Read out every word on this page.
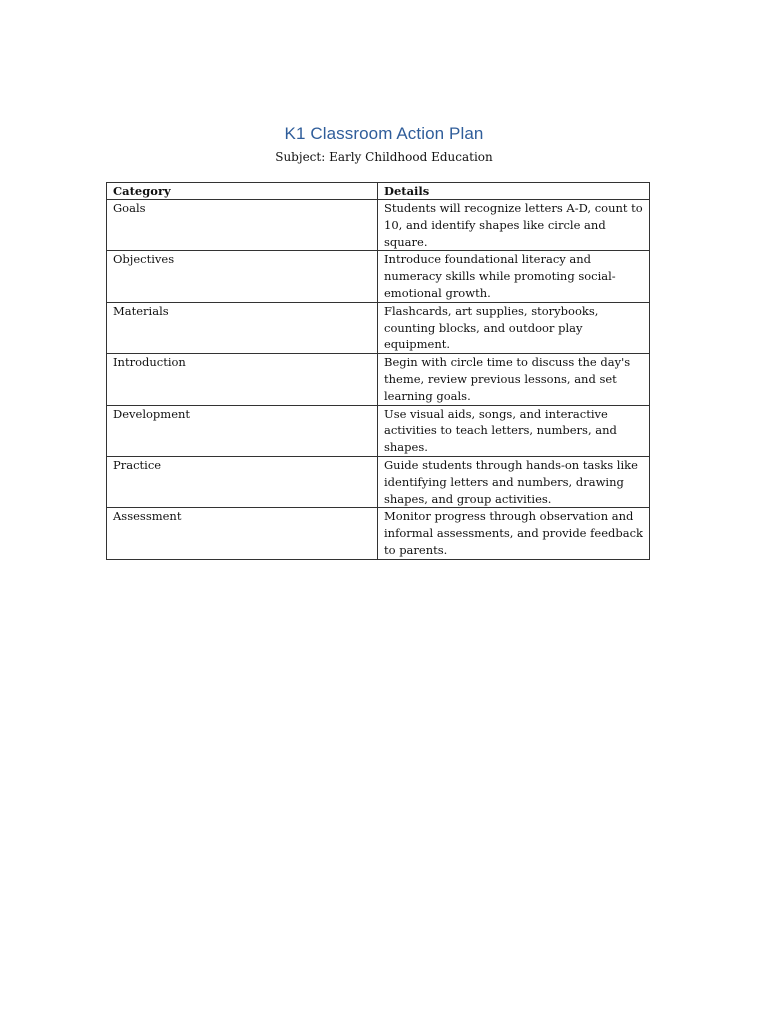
K1 Classroom Action Plan
Subject: Early Childhood Education
Category	Details
Goals	Students will recognize letters A-D, count to 10, and identify shapes like circle and square.
Objectives	Introduce foundational literacy and numeracy skills while promoting social-emotional growth.
Materials	Flashcards, art supplies, storybooks, counting blocks, and outdoor play equipment.
Introduction	Begin with circle time to discuss the day's theme, review previous lessons, and set learning goals.
Development	Use visual aids, songs, and interactive activities to teach letters, numbers, and shapes.
Practice	Guide students through hands-on tasks like identifying letters and numbers, drawing shapes, and group activities.
Assessment	Monitor progress through observation and informal assessments, and provide feedback to parents.
